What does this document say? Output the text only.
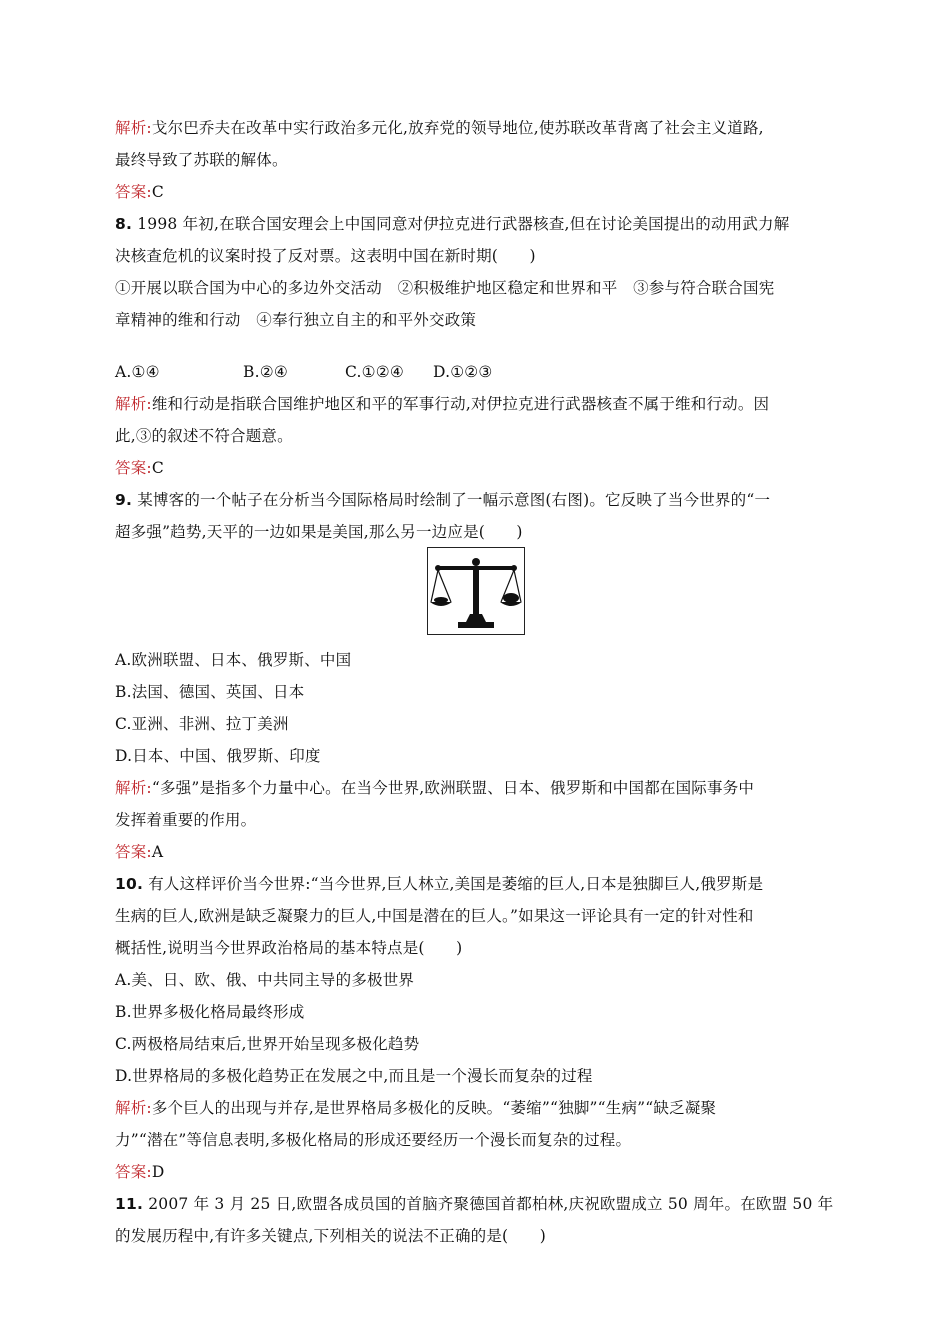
解析:戈尔巴乔夫在改革中实行政治多元化,放弃党的领导地位,使苏联改革背离了社会主义道路,
最终导致了苏联的解体。
答案:C
8. 1998 年初,在联合国安理会上中国同意对伊拉克进行武器核查,但在讨论美国提出的动用武力解
决核查危机的议案时投了反对票。这表明中国在新时期(　　)
①开展以联合国为中心的多边外交活动　②积极维护地区稳定和世界和平　③参与符合联合国宪
章精神的维和行动　④奉行独立自主的和平外交政策
A.①④	B.②④	C.①②④ D.①②③
解析:维和行动是指联合国维护地区和平的军事行动,对伊拉克进行武器核查不属于维和行动。因
此,③的叙述不符合题意。
答案:C
9. 某博客的一个帖子在分析当今国际格局时绘制了一幅示意图(右图)。它反映了当今世界的“一
超多强”趋势,天平的一边如果是美国,那么另一边应是(　　)
A.欧洲联盟、日本、俄罗斯、中国
B.法国、德国、英国、日本
C.亚洲、非洲、拉丁美洲
D.日本、中国、俄罗斯、印度
解析:“多强”是指多个力量中心。在当今世界,欧洲联盟、日本、俄罗斯和中国都在国际事务中
发挥着重要的作用。
答案:A
10. 有人这样评价当今世界:“当今世界,巨人林立,美国是萎缩的巨人,日本是独脚巨人,俄罗斯是
生病的巨人,欧洲是缺乏凝聚力的巨人,中国是潜在的巨人。”如果这一评论具有一定的针对性和
概括性,说明当今世界政治格局的基本特点是(　　)
A.美、日、欧、俄、中共同主导的多极世界
B.世界多极化格局最终形成
C.两极格局结束后,世界开始呈现多极化趋势
D.世界格局的多极化趋势正在发展之中,而且是一个漫长而复杂的过程
解析:多个巨人的出现与并存,是世界格局多极化的反映。“萎缩”“独脚”“生病”“缺乏凝聚
力”“潜在”等信息表明,多极化格局的形成还要经历一个漫长而复杂的过程。
答案:D
11. 2007 年 3 月 25 日,欧盟各成员国的首脑齐聚德国首都柏林,庆祝欧盟成立 50 周年。在欧盟 50 年
的发展历程中,有许多关键点,下列相关的说法不正确的是(　　)
